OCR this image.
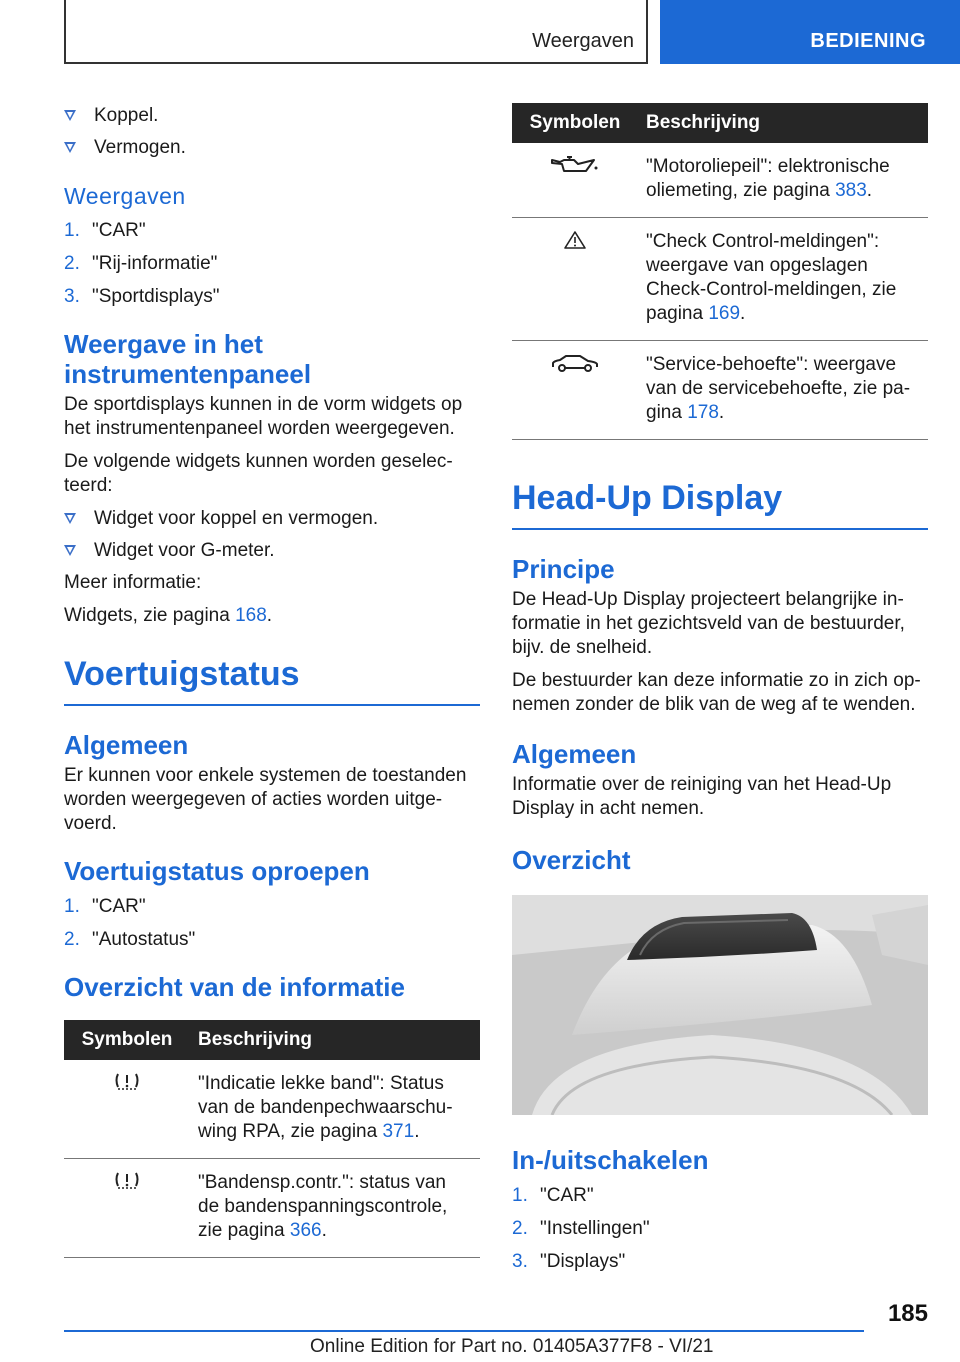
Weergaven	BEDIENING
Koppel.
Vermogen.
Weergaven
1 . "CAR"
2 . "Rij-informatie"
3 . "Sportdisplays"
Weergave in het instrumentenpaneel

De sportdisplays kunnen in de vorm widgets op het instrumentenpaneel worden weergegeven.

De volgende widgets kunnen worden geselec-teerd:

Widget voor koppel en vermogen.
Widget voor G-meter.

Meer informatie:

Widgets, zie pagina 168.

Voertuigstatus
Algemeen

Er kunnen voor enkele systemen de toestanden worden weergegeven of acties worden uitge-voerd.

Voertuigstatus oproepen
1 . "CAR"
2 . "Autostatus"
Overzicht van de informatie
Symbolen	Beschrijving
	"Indicatie lekke band": Status van de bandenpechwaarschu-wing RPA, zie pagina 371.
	"Bandensp.contr.": status van de bandenspanningscontrole, zie pagina 366.
Symbolen	Beschrijving
	"Motoroliepeil": elektronische oliemeting, zie pagina 383.
	"Check Control-meldingen": weergave van opgeslagen Check-Control-meldingen, zie pagina 169.
	"Service-behoefte": weergave van de servicebehoefte, zie pa-gina 178.
Head-Up Display
Principe

De Head-Up Display projecteert belangrijke in-formatie in het gezichtsveld van de bestuurder, bijv. de snelheid.

De bestuurder kan deze informatie zo in zich op-nemen zonder de blik van de weg af te wenden.

Algemeen

Informatie over de reiniging van het Head-Up Display in acht nemen.

Overzicht
In-/uitschakelen
1 . "CAR"
2 . "Instellingen"
3 . "Displays"
185
Online Edition for Part no. 01405A377F8 - VI/21
